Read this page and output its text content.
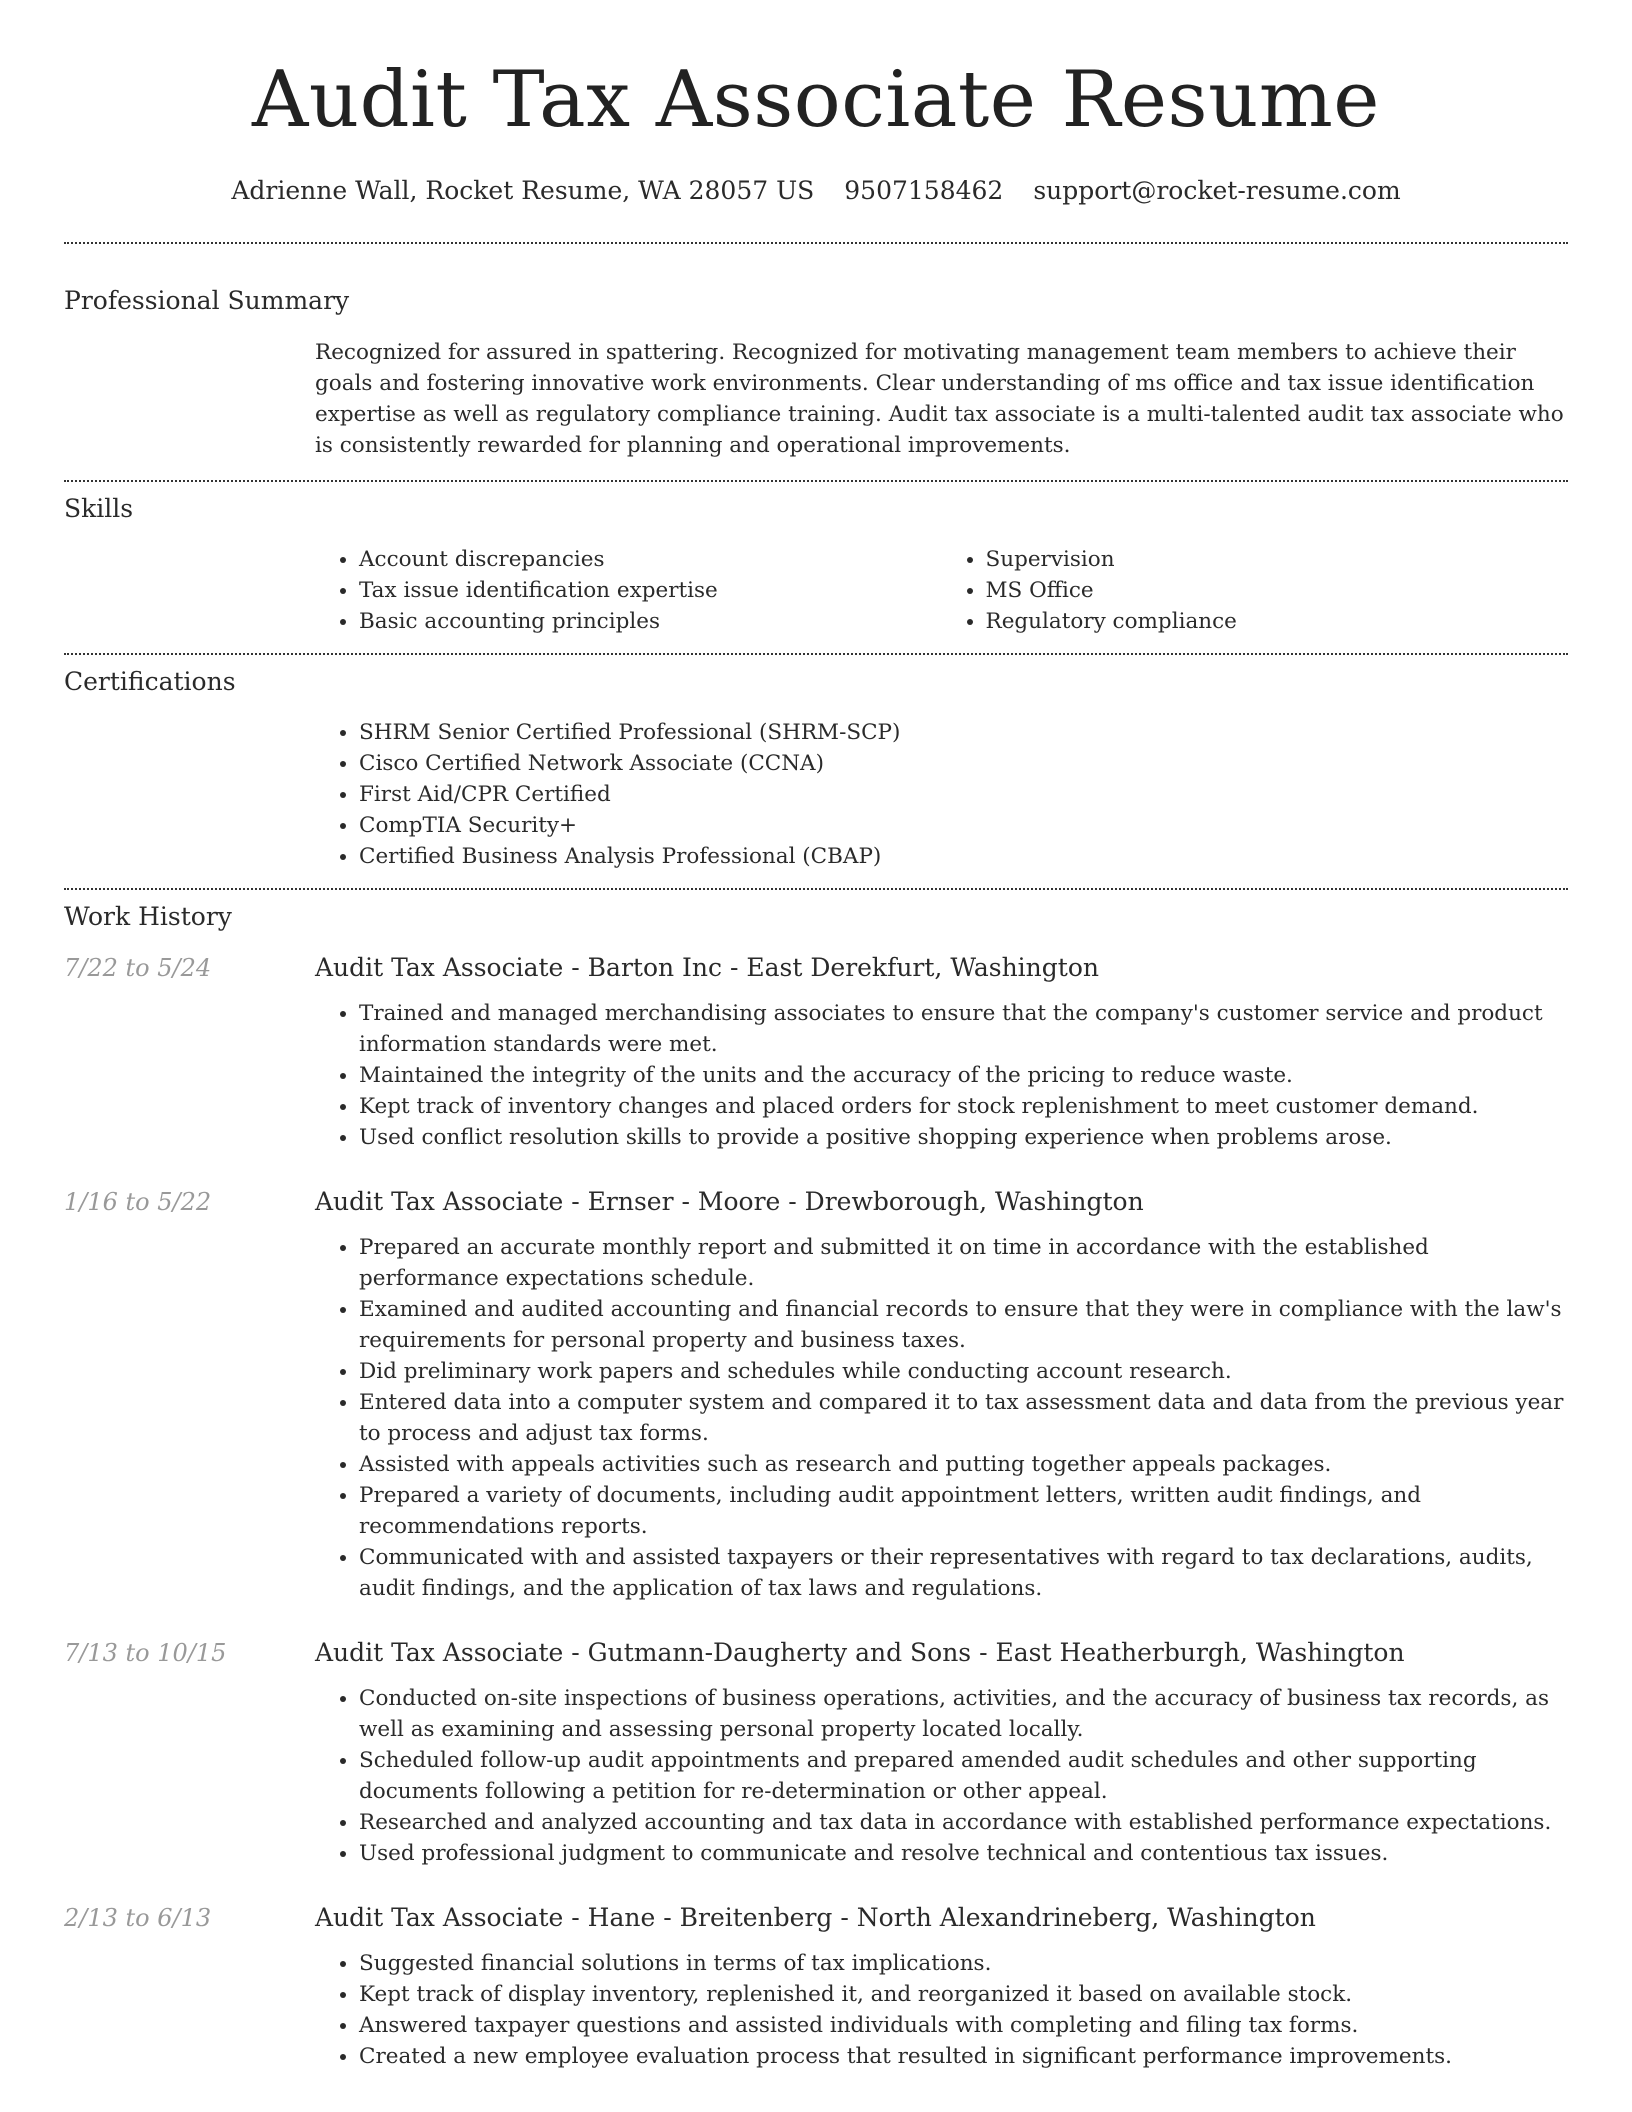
Audit Tax Associate Resume
Adrienne Wall, Rocket Resume, WA 28057 US 9507158462 support@rocket-resume.com
Professional Summary

Recognized for assured in spattering. Recognized for motivating management team members to achieve their goals and fostering innovative work environments. Clear understanding of ms office and tax issue identification expertise as well as regulatory compliance training. Audit tax associate is a multi-talented audit tax associate who is consistently rewarded for planning and operational improvements.

Skills
• Account discrepancies
• Tax issue identification expertise
• Basic accounting principles
• Supervision
• MS Office
• Regulatory compliance
Certifications
• SHRM Senior Certified Professional (SHRM-SCP)
• Cisco Certified Network Associate (CCNA)
• First Aid/CPR Certified
• CompTIA Security+
• Certified Business Analysis Professional (CBAP)
Work History
7/22 to 5/24	Audit Tax Associate - Barton Inc - East Derekfurt, Washington
• Trained and managed merchandising associates to ensure that the company's customer service and product information standards were met.
• Maintained the integrity of the units and the accuracy of the pricing to reduce waste.
• Kept track of inventory changes and placed orders for stock replenishment to meet customer demand.
• Used conflict resolution skills to provide a positive shopping experience when problems arose.
1/16 to 5/22	Audit Tax Associate - Ernser - Moore - Drewborough, Washington
• Prepared an accurate monthly report and submitted it on time in accordance with the established performance expectations schedule.
• Examined and audited accounting and financial records to ensure that they were in compliance with the law's requirements for personal property and business taxes.
• Did preliminary work papers and schedules while conducting account research.
• Entered data into a computer system and compared it to tax assessment data and data from the previous year to process and adjust tax forms.
• Assisted with appeals activities such as research and putting together appeals packages.
• Prepared a variety of documents, including audit appointment letters, written audit findings, and recommendations reports.
• Communicated with and assisted taxpayers or their representatives with regard to tax declarations, audits, audit findings, and the application of tax laws and regulations.
7/13 to 10/15	Audit Tax Associate - Gutmann-Daugherty and Sons - East Heatherburgh, Washington
• Conducted on-site inspections of business operations, activities, and the accuracy of business tax records, as well as examining and assessing personal property located locally.
• Scheduled follow-up audit appointments and prepared amended audit schedules and other supporting documents following a petition for re-determination or other appeal.
• Researched and analyzed accounting and tax data in accordance with established performance expectations.
• Used professional judgment to communicate and resolve technical and contentious tax issues.
2/13 to 6/13	Audit Tax Associate - Hane - Breitenberg - North Alexandrineberg, Washington
• Suggested financial solutions in terms of tax implications.
• Kept track of display inventory, replenished it, and reorganized it based on available stock.
• Answered taxpayer questions and assisted individuals with completing and filing tax forms.
• Created a new employee evaluation process that resulted in significant performance improvements.
